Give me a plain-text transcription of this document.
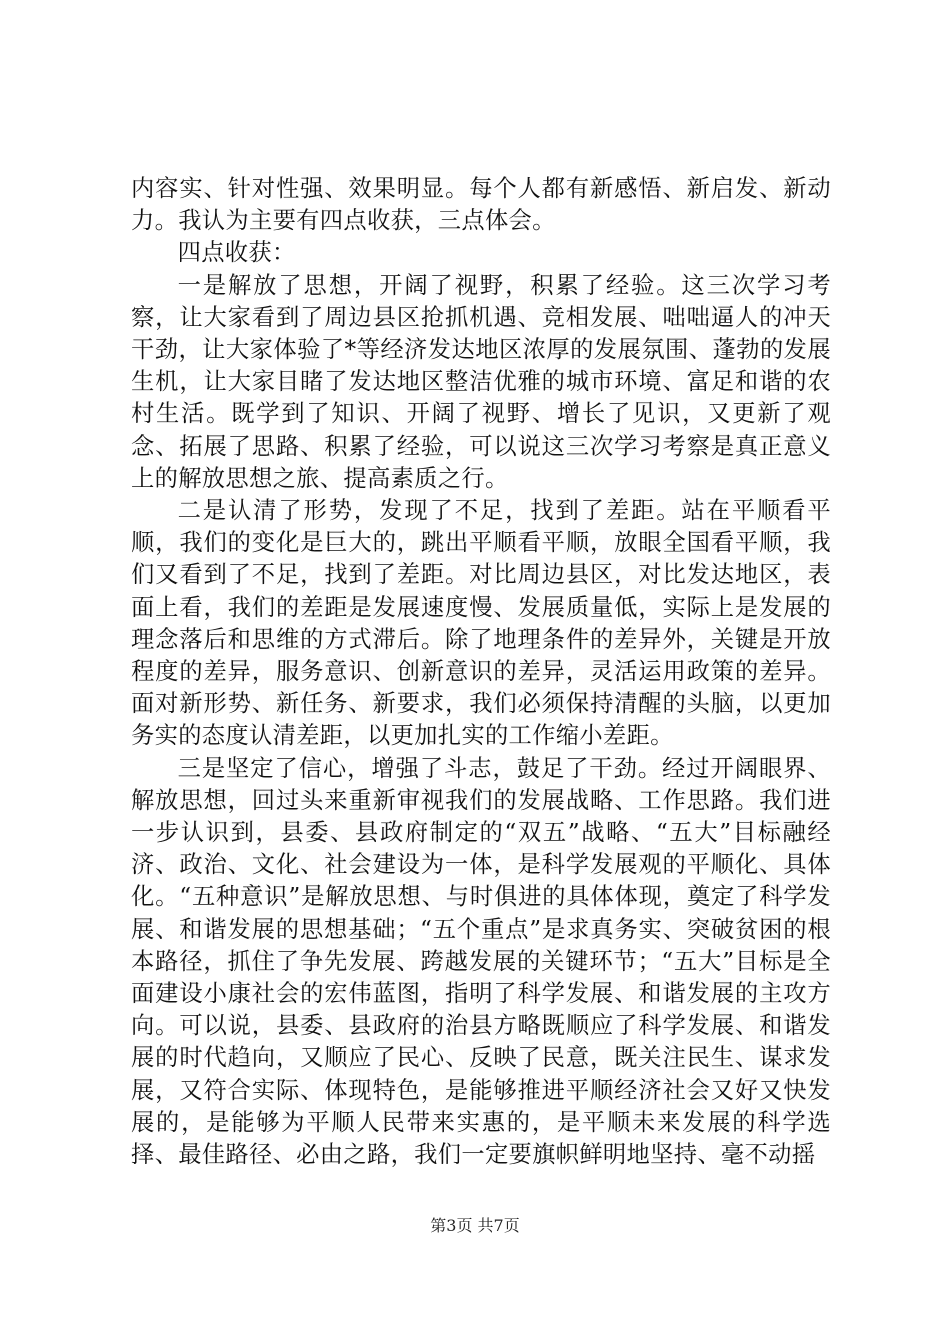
内容实、针对性强、效果明显。每个人都有新感悟、新启发、新动力。我认为主要有四点收获，三点体会。

四点收获：

一是解放了思想，开阔了视野，积累了经验。这三次学习考察，让大家看到了周边县区抢抓机遇、竞相发展、咄咄逼人的冲天干劲，让大家体验了*等经济发达地区浓厚的发展氛围、蓬勃的发展生机，让大家目睹了发达地区整洁优雅的城市环境、富足和谐的农村生活。既学到了知识、开阔了视野、增长了见识，又更新了观念、拓展了思路、积累了经验，可以说这三次学习考察是真正意义上的解放思想之旅、提高素质之行。

二是认清了形势，发现了不足，找到了差距。站在平顺看平顺，我们的变化是巨大的，跳出平顺看平顺，放眼全国看平顺，我们又看到了不足，找到了差距。对比周边县区，对比发达地区，表面上看，我们的差距是发展速度慢、发展质量低，实际上是发展的理念落后和思维的方式滞后。除了地理条件的差异外，关键是开放程度的差异，服务意识、创新意识的差异，灵活运用政策的差异。面对新形势、新任务、新要求，我们必须保持清醒的头脑，以更加务实的态度认清差距，以更加扎实的工作缩小差距。

三是坚定了信心，增强了斗志，鼓足了干劲。经过开阔眼界、解放思想，回过头来重新审视我们的发展战略、工作思路。我们进一步认识到，县委、县政府制定的“双五”战略、“五大”目标融经济、政治、文化、社会建设为一体，是科学发展观的平顺化、具体化。“五种意识”是解放思想、与时俱进的具体体现，奠定了科学发展、和谐发展的思想基础；“五个重点”是求真务实、突破贫困的根本路径，抓住了争先发展、跨越发展的关键环节；“五大”目标是全面建设小康社会的宏伟蓝图，指明了科学发展、和谐发展的主攻方向。可以说，县委、县政府的治县方略既顺应了科学发展、和谐发展的时代趋向，又顺应了民心、反映了民意，既关注民生、谋求发展，又符合实际、体现特色，是能够推进平顺经济社会又好又快发展的，是能够为平顺人民带来实惠的，是平顺未来发展的科学选择、最佳路径、必由之路，我们一定要旗帜鲜明地坚持、毫不动摇

第3页 共7页
